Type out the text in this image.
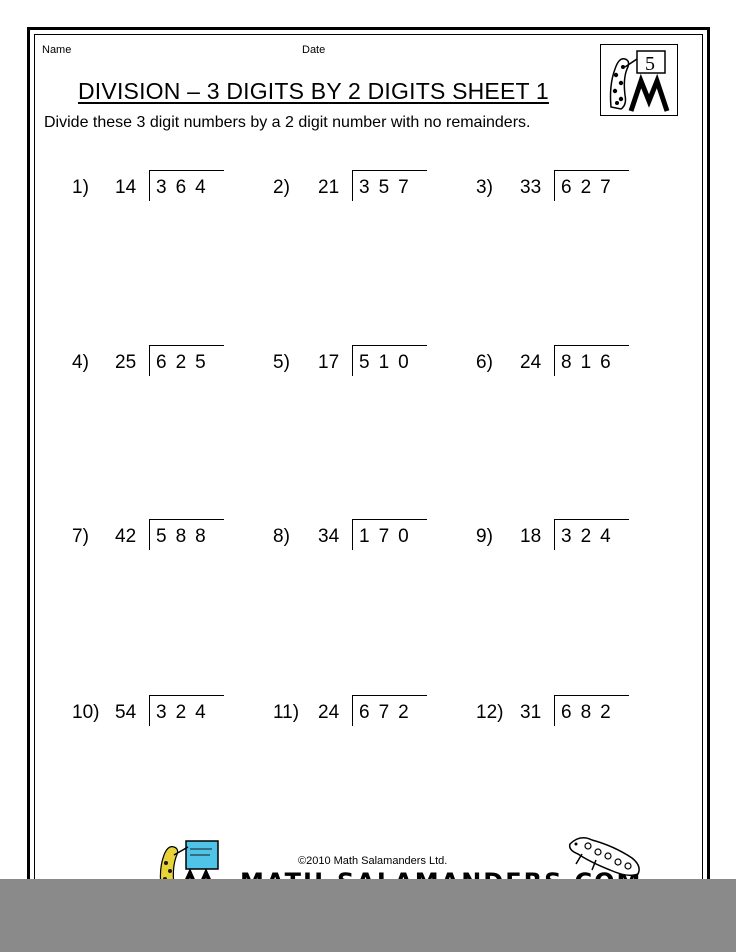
Name	Date
5
DIVISION – 3 DIGITS BY 2 DIGITS SHEET 1
Divide these 3 digit numbers by a 2 digit number with no remainders.
1) 14 364	2) 21 357	3) 33 627
4) 25 625	5) 17 510	6) 24 816
7) 42 588	8) 34 170	9) 18 324
10) 54 324	11) 24 672	12) 31 682
©2010 Math Salamanders Ltd.
